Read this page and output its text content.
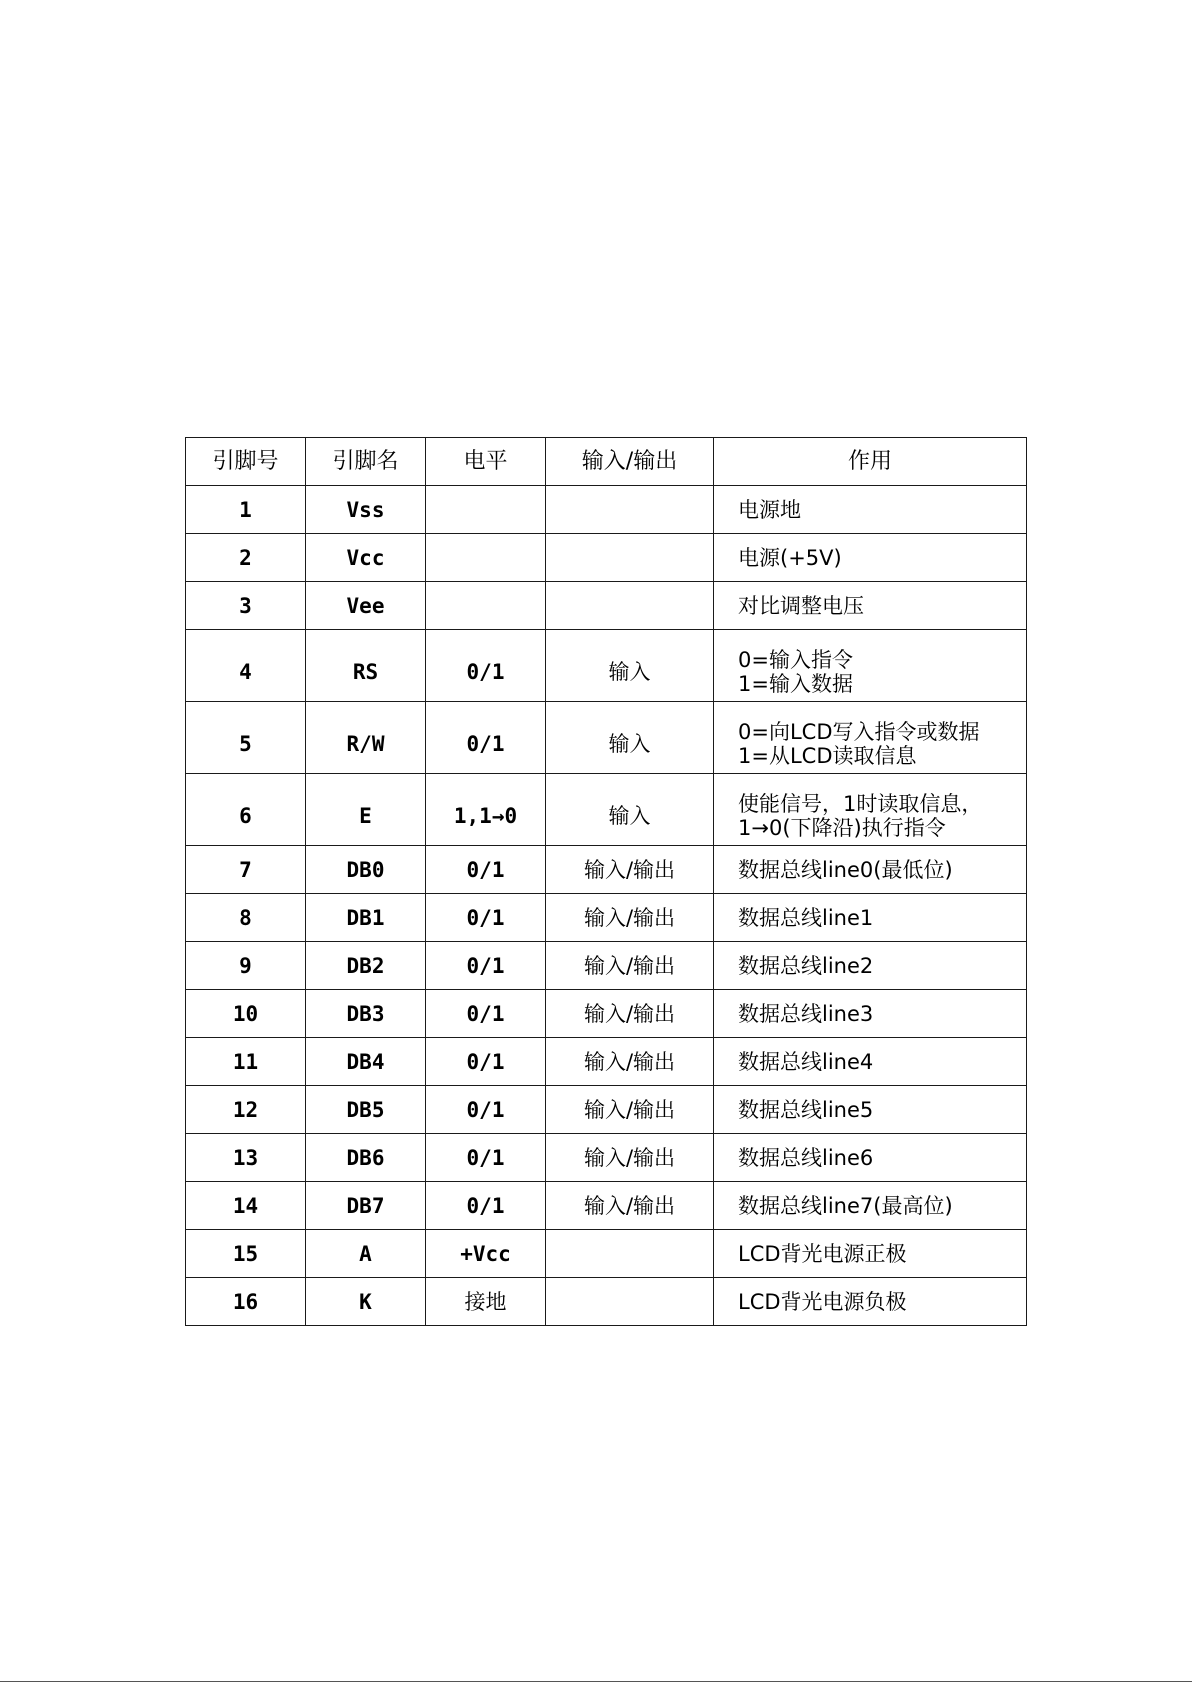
引脚号	引脚名	电平	输入/输出	作用
1	Vss			电源地

2	Vcc			电源(+5V)

3	Vee			对比调整电压

4	RS	0/1	输入	0=输入指令
1=输入数据

5	R/W	0/1	输入	0=向LCD写入指令或数据
1=从LCD读取信息

6	E	1,1→0	输入	使能信号，1时读取信息，
1→0(下降沿)执行指令

7	DB0	0/1	输入/输出	数据总线line0(最低位)

8	DB1	0/1	输入/输出	数据总线line1

9	DB2	0/1	输入/输出	数据总线line2

10	DB3	0/1	输入/输出	数据总线line3

11	DB4	0/1	输入/输出	数据总线line4

12	DB5	0/1	输入/输出	数据总线line5

13	DB6	0/1	输入/输出	数据总线line6

14	DB7	0/1	输入/输出	数据总线line7(最高位)

15	A	+Vcc		LCD背光电源正极

16	K	接地		LCD背光电源负极
